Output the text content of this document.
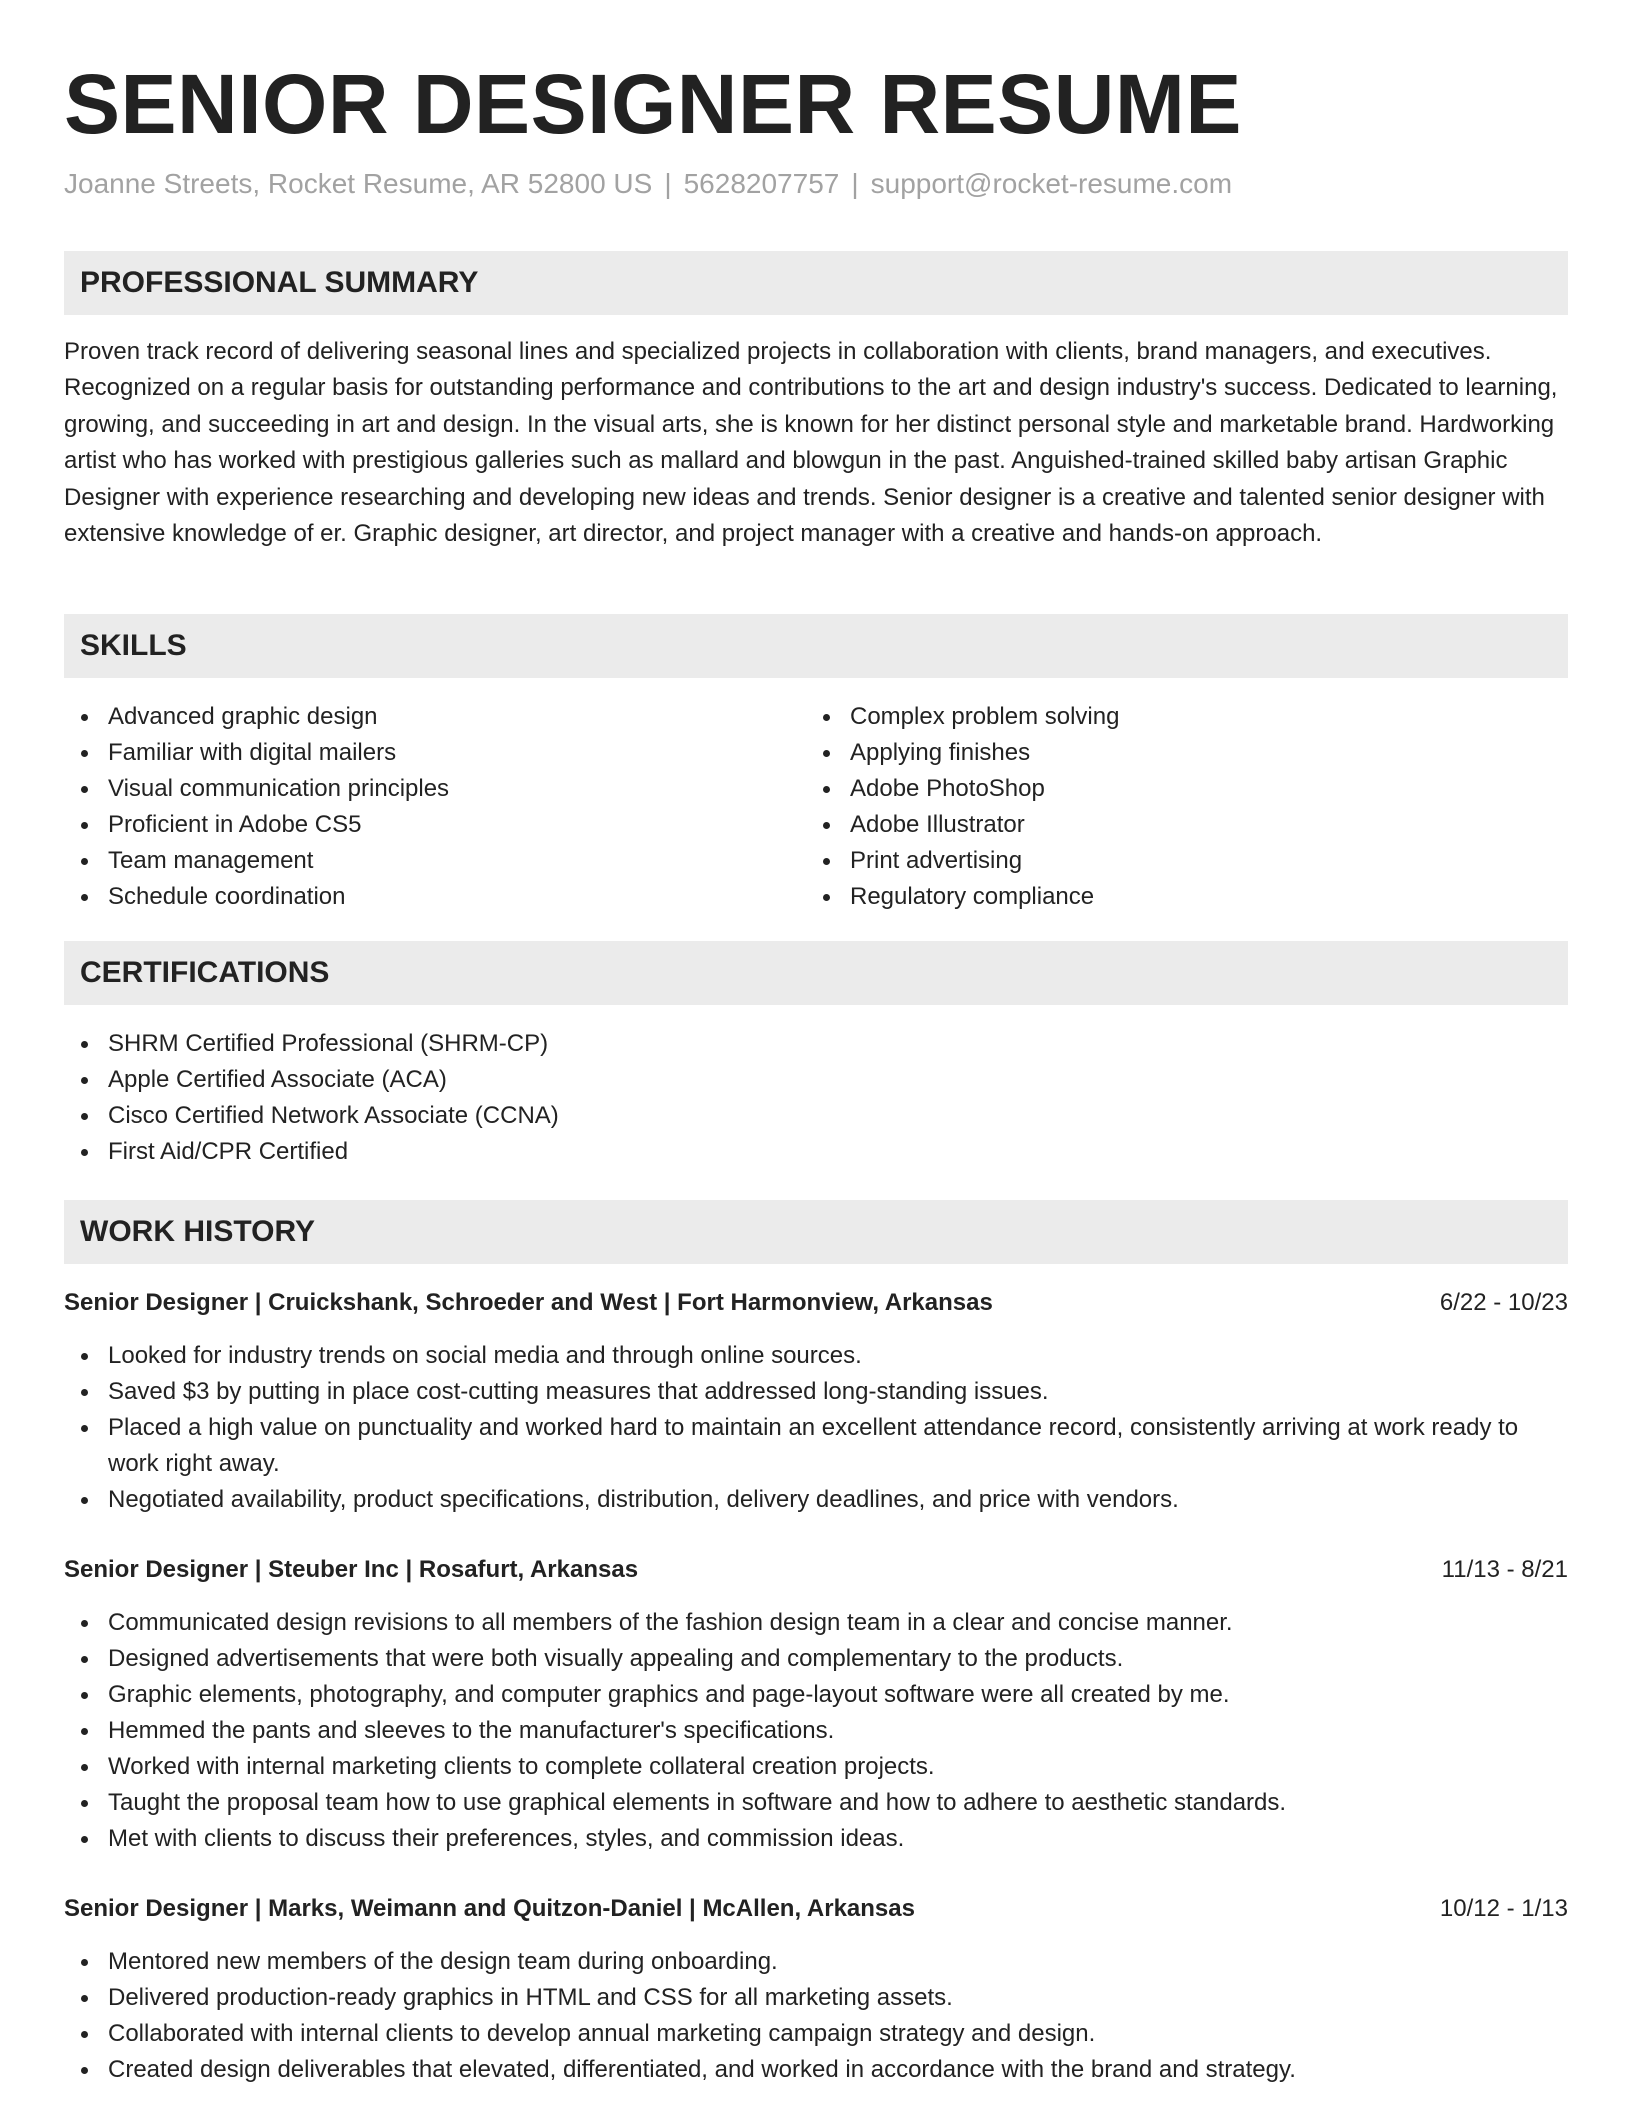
SENIOR DESIGNER RESUME
Joanne Streets, Rocket Resume, AR 52800 US | 5628207757 | support@rocket-resume.com
PROFESSIONAL SUMMARY

Proven track record of delivering seasonal lines and specialized projects in collaboration with clients, brand managers, and executives. Recognized on a regular basis for outstanding performance and contributions to the art and design industry's success. Dedicated to learning, growing, and succeeding in art and design. In the visual arts, she is known for her distinct personal style and marketable brand. Hardworking artist who has worked with prestigious galleries such as mallard and blowgun in the past. Anguished-trained skilled baby artisan Graphic Designer with experience researching and developing new ideas and trends. Senior designer is a creative and talented senior designer with extensive knowledge of er. Graphic designer, art director, and project manager with a creative and hands-on approach.

SKILLS
Advanced graphic design
Familiar with digital mailers
Visual communication principles
Proficient in Adobe CS5
Team management
Schedule coordination
Complex problem solving
Applying finishes
Adobe PhotoShop
Adobe Illustrator
Print advertising
Regulatory compliance
CERTIFICATIONS
SHRM Certified Professional (SHRM-CP)
Apple Certified Associate (ACA)
Cisco Certified Network Associate (CCNA)
First Aid/CPR Certified
WORK HISTORY
Senior Designer | Cruickshank, Schroeder and West | Fort Harmonview, Arkansas	6/22 - 10/23
Looked for industry trends on social media and through online sources.
Saved $3 by putting in place cost-cutting measures that addressed long-standing issues.
Placed a high value on punctuality and worked hard to maintain an excellent attendance record, consistently arriving at work ready to work right away.
Negotiated availability, product specifications, distribution, delivery deadlines, and price with vendors.
Senior Designer | Steuber Inc | Rosafurt, Arkansas	11/13 - 8/21
Communicated design revisions to all members of the fashion design team in a clear and concise manner.
Designed advertisements that were both visually appealing and complementary to the products.
Graphic elements, photography, and computer graphics and page-layout software were all created by me.
Hemmed the pants and sleeves to the manufacturer's specifications.
Worked with internal marketing clients to complete collateral creation projects.
Taught the proposal team how to use graphical elements in software and how to adhere to aesthetic standards.
Met with clients to discuss their preferences, styles, and commission ideas.
Senior Designer | Marks, Weimann and Quitzon-Daniel | McAllen, Arkansas	10/12 - 1/13
Mentored new members of the design team during onboarding.
Delivered production-ready graphics in HTML and CSS for all marketing assets.
Collaborated with internal clients to develop annual marketing campaign strategy and design.
Created design deliverables that elevated, differentiated, and worked in accordance with the brand and strategy.
